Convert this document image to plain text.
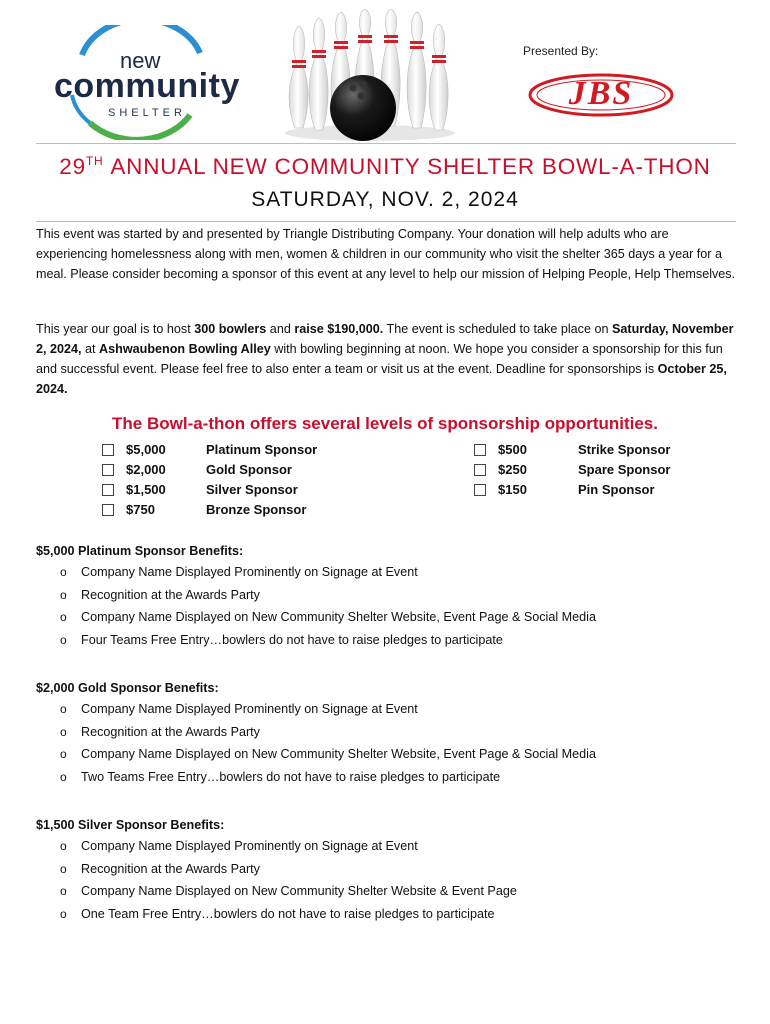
new
community
SHELTER
Presented By:
JBS
29TH ANNUAL NEW COMMUNITY SHELTER BOWL-A-THON
SATURDAY, NOV. 2, 2024
This event was started by and presented by Triangle Distributing Company. Your donation will help adults who are experiencing homelessness along with men, women & children in our community who visit the shelter 365 days a year for a meal. Please consider becoming a sponsor of this event at any level to help our mission of Helping People, Help Themselves.
This year our goal is to host 300 bowlers and raise $190,000. The event is scheduled to take place on Saturday, November 2, 2024, at Ashwaubenon Bowling Alley with bowling beginning at noon. We hope you consider a sponsorship for this fun and successful event. Please feel free to also enter a team or visit us at the event. Deadline for sponsorships is October 25, 2024.
The Bowl-a-thon offers several levels of sponsorship opportunities.
$5,000	Platinum Sponsor
$2,000	Gold Sponsor
$1,500	Silver Sponsor
$750	Bronze Sponsor
$500	Strike Sponsor
$250	Spare Sponsor
$150	Pin Sponsor
$5,000 Platinum Sponsor Benefits:
o	Company Name Displayed Prominently on Signage at Event
o	Recognition at the Awards Party
o	Company Name Displayed on New Community Shelter Website, Event Page & Social Media
o	Four Teams Free Entry…bowlers do not have to raise pledges to participate
$2,000 Gold Sponsor Benefits:
o	Company Name Displayed Prominently on Signage at Event
o	Recognition at the Awards Party
o	Company Name Displayed on New Community Shelter Website, Event Page & Social Media
o	Two Teams Free Entry…bowlers do not have to raise pledges to participate
$1,500 Silver Sponsor Benefits:
o	Company Name Displayed Prominently on Signage at Event
o	Recognition at the Awards Party
o	Company Name Displayed on New Community Shelter Website & Event Page
o	One Team Free Entry…bowlers do not have to raise pledges to participate
